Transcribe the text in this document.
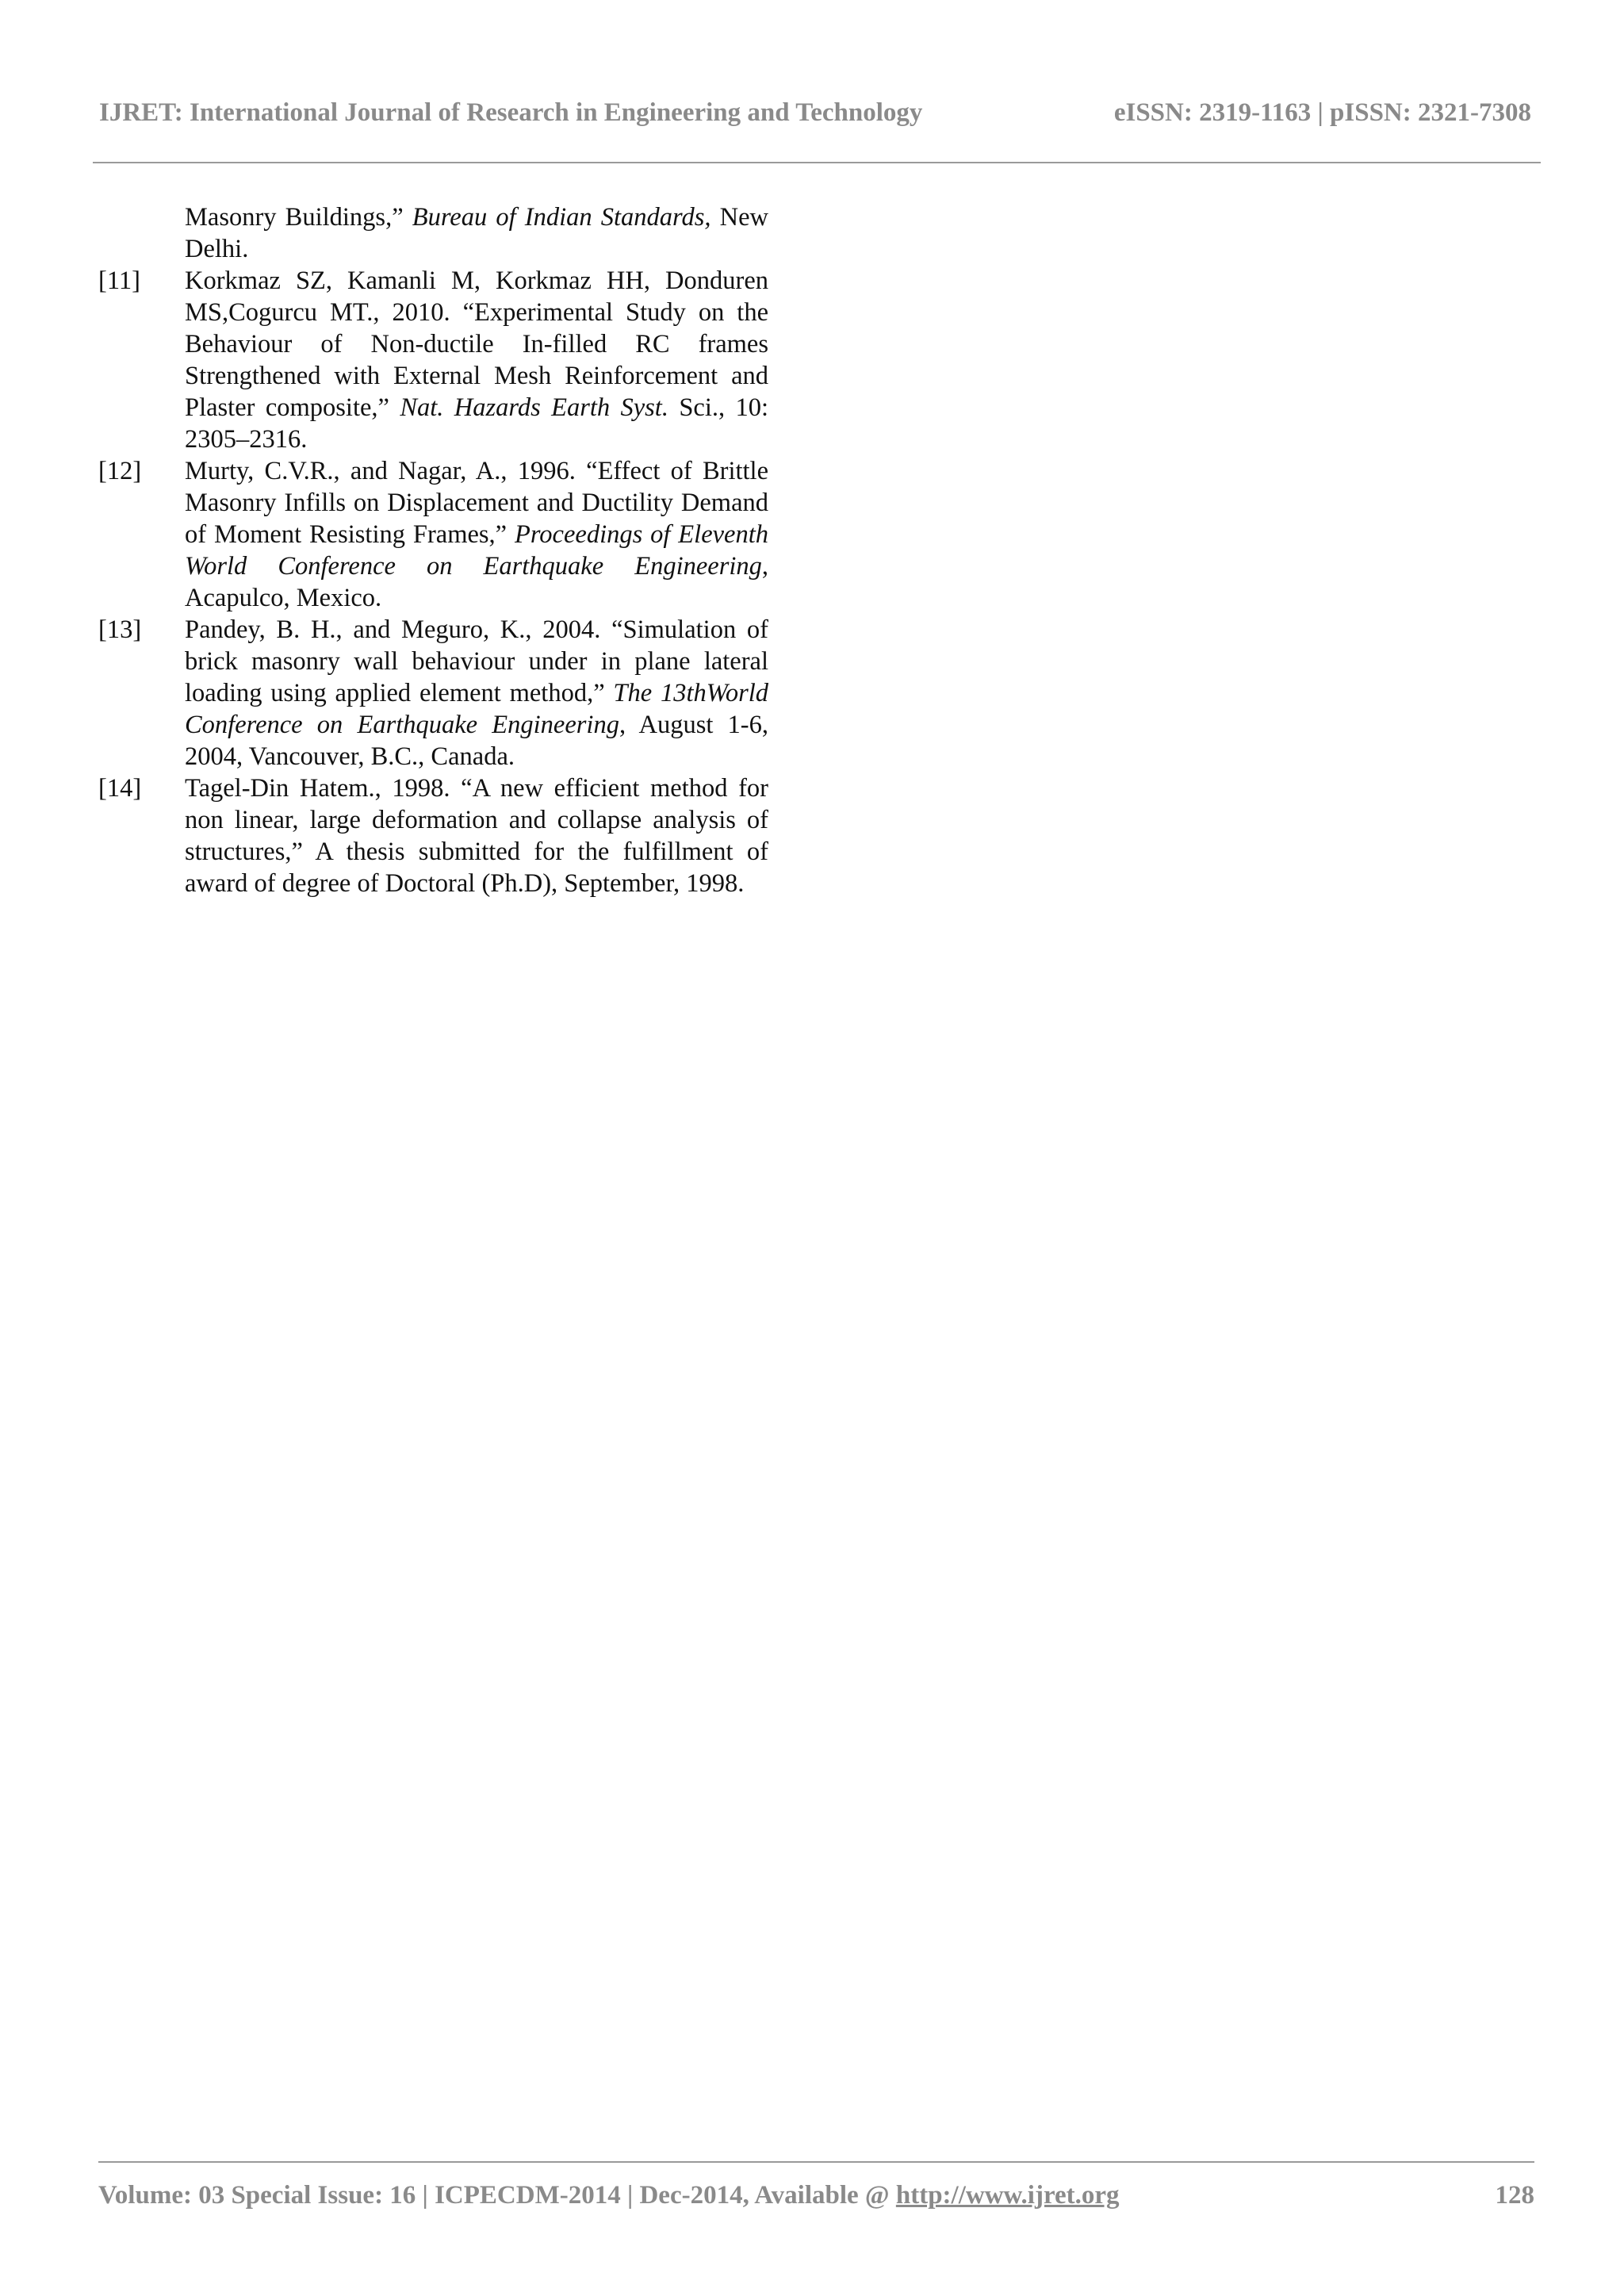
IJRET: International Journal of Research in Engineering and Technology	eISSN: 2319-1163 | pISSN: 2321-7308
Masonry Buildings,” Bureau of Indian Standards, New Delhi.
[11] Korkmaz SZ, Kamanli M, Korkmaz HH, Donduren MS,Cogurcu MT., 2010. “Experimental Study on the Behaviour of Non-ductile In-filled RC frames Strengthened with External Mesh Reinforcement and Plaster composite,” Nat. Hazards Earth Syst. Sci., 10: 2305–2316.
[12] Murty, C.V.R., and Nagar, A., 1996. “Effect of Brittle Masonry Infills on Displacement and Ductility Demand of Moment Resisting Frames,” Proceedings of Eleventh World Conference on Earthquake Engineering, Acapulco, Mexico.
[13] Pandey, B. H., and Meguro, K., 2004. “Simulation of brick masonry wall behaviour under in plane lateral loading using applied element method,” The 13thWorld Conference on Earthquake Engineering, August 1-6, 2004, Vancouver, B.C., Canada.
[14] Tagel-Din Hatem., 1998. “A new efficient method for non linear, large deformation and collapse analysis of structures,” A thesis submitted for the fulfillment of award of degree of Doctoral (Ph.D), September, 1998.
Volume: 03 Special Issue: 16 | ICPECDM-2014 | Dec-2014, Available @ http://www.ijret.org	128
